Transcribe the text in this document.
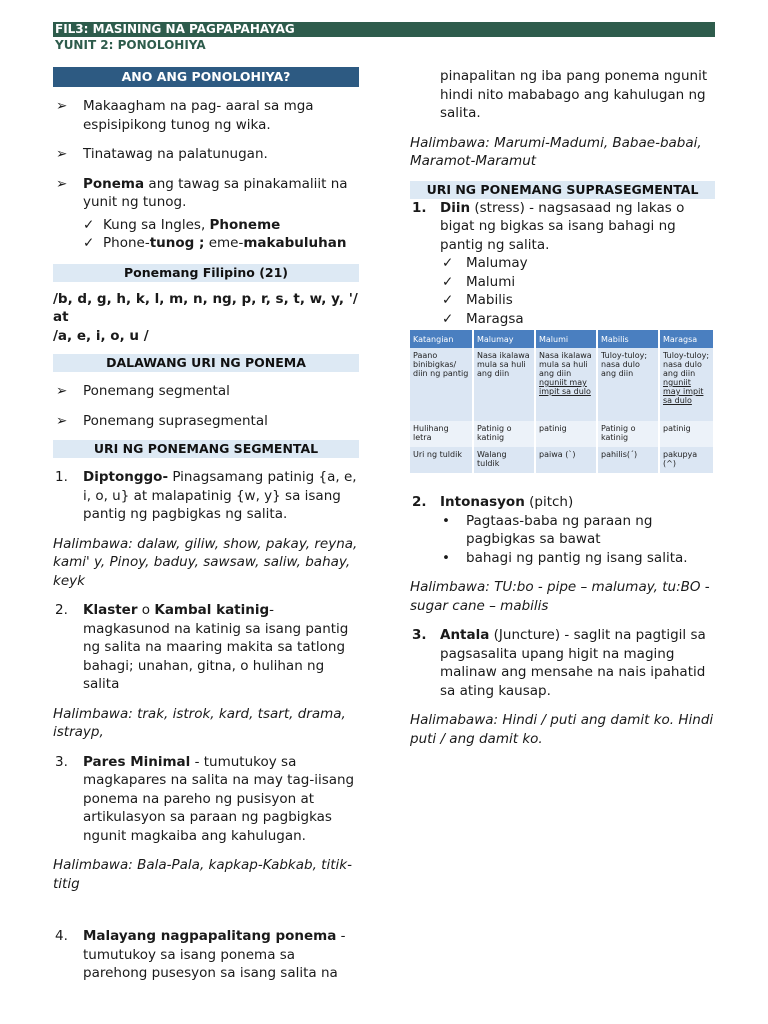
FIL3: MASINING NA PAGPAPAHAYAG
YUNIT 2: PONOLOHIYA
ANO ANG PONOLOHIYA?
➢ Makaagham na pag- aaral sa mga espisipikong tunog ng wika.
➢ Tinatawag na palatunugan.
➢ Ponema ang tawag sa pinakamaliit na yunit ng tunog.
✓ Kung sa Ingles, Phoneme
✓ Phone-tunog ; eme-makabuluhan
Ponemang Filipino (21)
/b, d, g, h, k, l, m, n, ng, p, r, s, t, w, y, '/ at
/a, e, i, o, u /
DALAWANG URI NG PONEMA
➢ Ponemang segmental
➢ Ponemang suprasegmental
URI NG PONEMANG SEGMENTAL
1. Diptonggo- Pinagsamang patinig {a, e, i, o, u} at malapatinig {w, y} sa isang pantig ng pagbigkas ng salita.
Halimbawa: dalaw, giliw, show, pakay, reyna, kami' y, Pinoy, baduy, sawsaw, saliw, bahay, keyk
2. Klaster o Kambal katinig- magkasunod na katinig sa isang pantig ng salita na maaring makita sa tatlong bahagi; unahan, gitna, o hulihan ng salita
Halimbawa: trak, istrok, kard, tsart, drama, istrayp,
3. Pares Minimal - tumutukoy sa magkapares na salita na may tag-iisang ponema na pareho ng pusisyon at artikulasyon sa paraan ng pagbigkas ngunit magkaiba ang kahulugan.
Halimbawa: Bala-Pala, kapkap-Kabkab, titik-titig
4. Malayang nagpapalitang ponema - tumutukoy sa isang ponema sa parehong pusesyon sa isang salita na
pinapalitan ng iba pang ponema ngunit hindi nito mababago ang kahulugan ng salita.
Halimbawa: Marumi-Madumi, Babae-babai, Maramot-Maramut
URI NG PONEMANG SUPRASEGMENTAL
1. Diin (stress) - nagsasaad ng lakas o bigat ng bigkas sa isang bahagi ng pantig ng salita.
✓ Malumay
✓ Malumi
✓ Mabilis
✓ Maragsa
Katangian	Malumay	Malumi	Mabilis	Maragsa
Paano binibigkas/ diin ng pantig	Nasa ikalawa mula sa huli ang diin	Nasa ikalawa mula sa huli ang diin nguniit may impit sa dulo	Tuloy-tuloy; nasa dulo ang diin	Tuloy-tuloy; nasa dulo ang diin nguniit may impit sa dulo
Hulihang letra	Patinig o katinig	patinig	Patinig o katinig	patinig
Uri ng tuldik	Walang tuldik	paiwa (`)	pahilis(´)	pakupya (^)
2. Intonasyon (pitch)
• Pagtaas-baba ng paraan ng pagbigkas sa bawat
• bahagi ng pantig ng isang salita.
Halimbawa: TU:bo - pipe – malumay, tu:BO - sugar cane – mabilis
3. Antala (Juncture) - saglit na pagtigil sa pagsasalita upang higit na maging malinaw ang mensahe na nais ipahatid sa ating kausap.
Halimabawa: Hindi / puti ang damit ko. Hindi puti / ang damit ko.
